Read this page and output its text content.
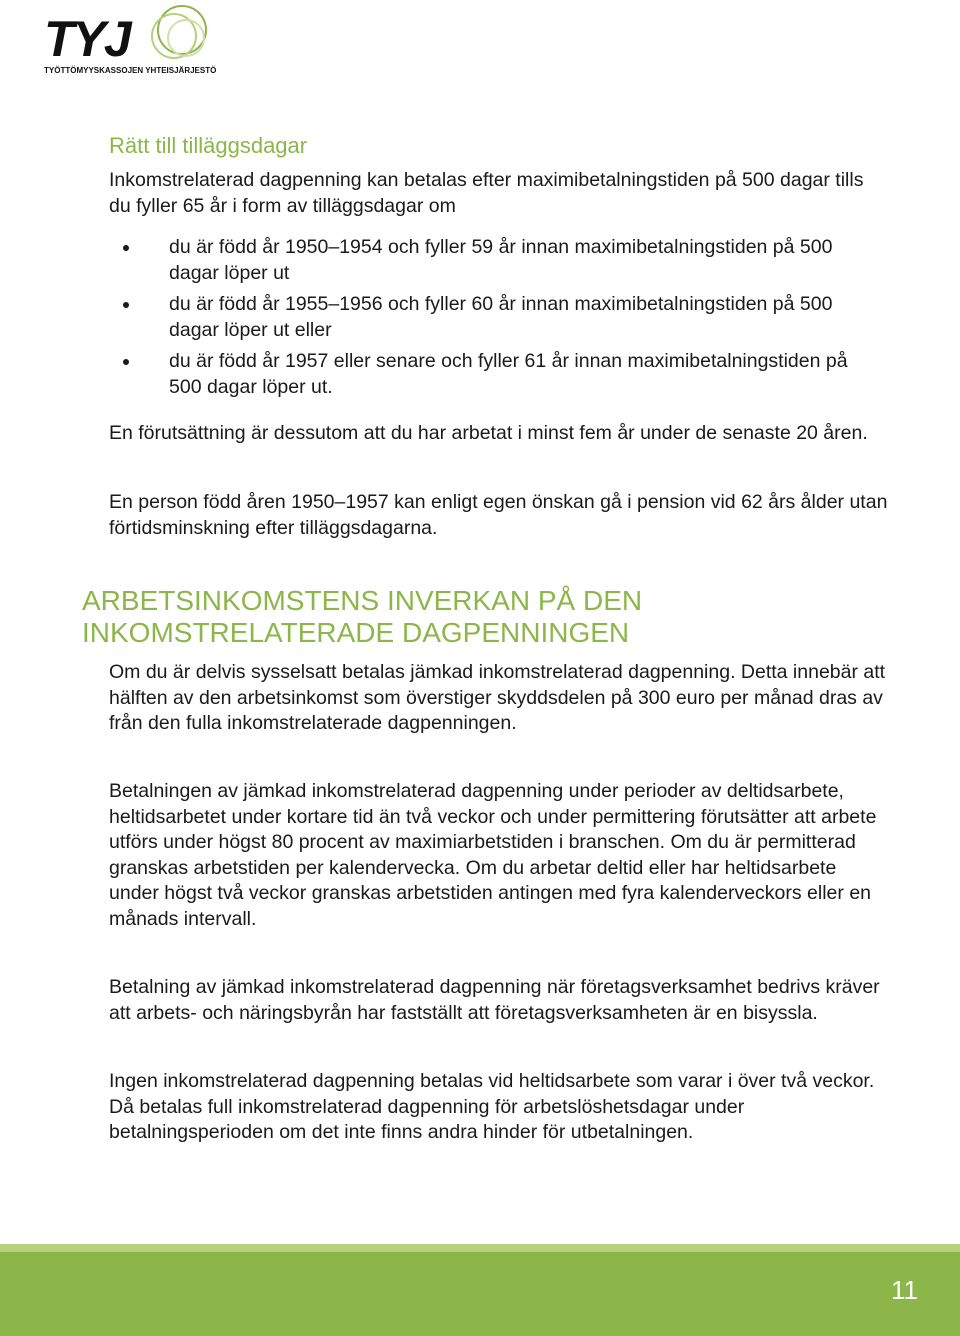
TYJ
TYÖTTÖMYYSKASSOJEN YHTEISJÄRJESTÖ
Rätt till tilläggsdagar

Inkomstrelaterad dagpenning kan betalas efter maximibetalningstiden på 500 dagar tills du fyller 65 år i form av tilläggsdagar om

du är född år 1950–1954 och fyller 59 år innan maximibetalningstiden på 500 dagar löper ut
du är född år 1955–1956 och fyller 60 år innan maximibetalningstiden på 500 dagar löper ut eller
du är född år 1957 eller senare och fyller 61 år innan maximibetalningstiden på 500 dagar löper ut.

En förutsättning är dessutom att du har arbetat i minst fem år under de senaste 20 åren.

En person född åren 1950–1957 kan enligt egen önskan gå i pension vid 62 års ålder utan förtidsminskning efter tilläggsdagarna.

ARBETSINKOMSTENS INVERKAN PÅ DEN INKOMSTRELATERADE DAGPENNINGEN

Om du är delvis sysselsatt betalas jämkad inkomstrelaterad dagpenning. Detta innebär att hälften av den arbetsinkomst som överstiger skyddsdelen på 300 euro per månad dras av från den fulla inkomstrelaterade dagpenningen.

Betalningen av jämkad inkomstrelaterad dagpenning under perioder av deltidsarbete, heltidsarbetet under kortare tid än två veckor och under permittering förutsätter att arbete utförs under högst 80 procent av maximiarbetstiden i branschen. Om du är permitterad granskas arbetstiden per kalendervecka. Om du arbetar deltid eller har heltidsarbete under högst två veckor granskas arbetstiden antingen med fyra kalenderveckors eller en månads intervall.

Betalning av jämkad inkomstrelaterad dagpenning när företagsverksamhet bedrivs kräver att arbets- och näringsbyrån har fastställt att företagsverksamheten är en bisyssla.

Ingen inkomstrelaterad dagpenning betalas vid heltidsarbete som varar i över två veckor. Då betalas full inkomstrelaterad dagpenning för arbetslöshetsdagar under betalningsperioden om det inte finns andra hinder för utbetalningen.

11
